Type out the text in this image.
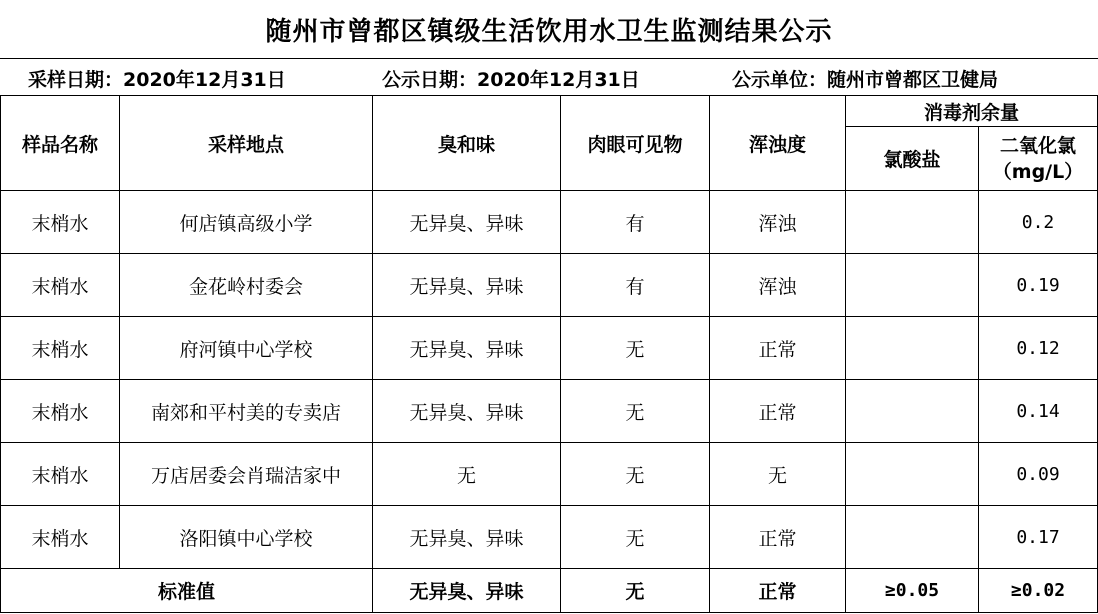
随州市曾都区镇级生活饮用水卫生监测结果公示
采样日期：2020年12月31日	公示日期：2020年12月31日	公示单位：随州市曾都区卫健局
样品名称	采样地点	臭和味	肉眼可见物	浑浊度	消毒剂余量	
					氯酸盐	二氧化氯
（mg/L）

末梢水	何店镇高级小学	无异臭、异味	有	浑浊		0.2
末梢水	金花岭村委会	无异臭、异味	有	浑浊		0.19
末梢水	府河镇中心学校	无异臭、异味	无	正常		0.12
末梢水	南郊和平村美的专卖店	无异臭、异味	无	正常		0.14
末梢水	万店居委会肖瑞洁家中	无	无	无		0.09
末梢水	洛阳镇中心学校	无异臭、异味	无	正常		0.17
标准值		无异臭、异味	无	正常	≥0.05	≥0.02
